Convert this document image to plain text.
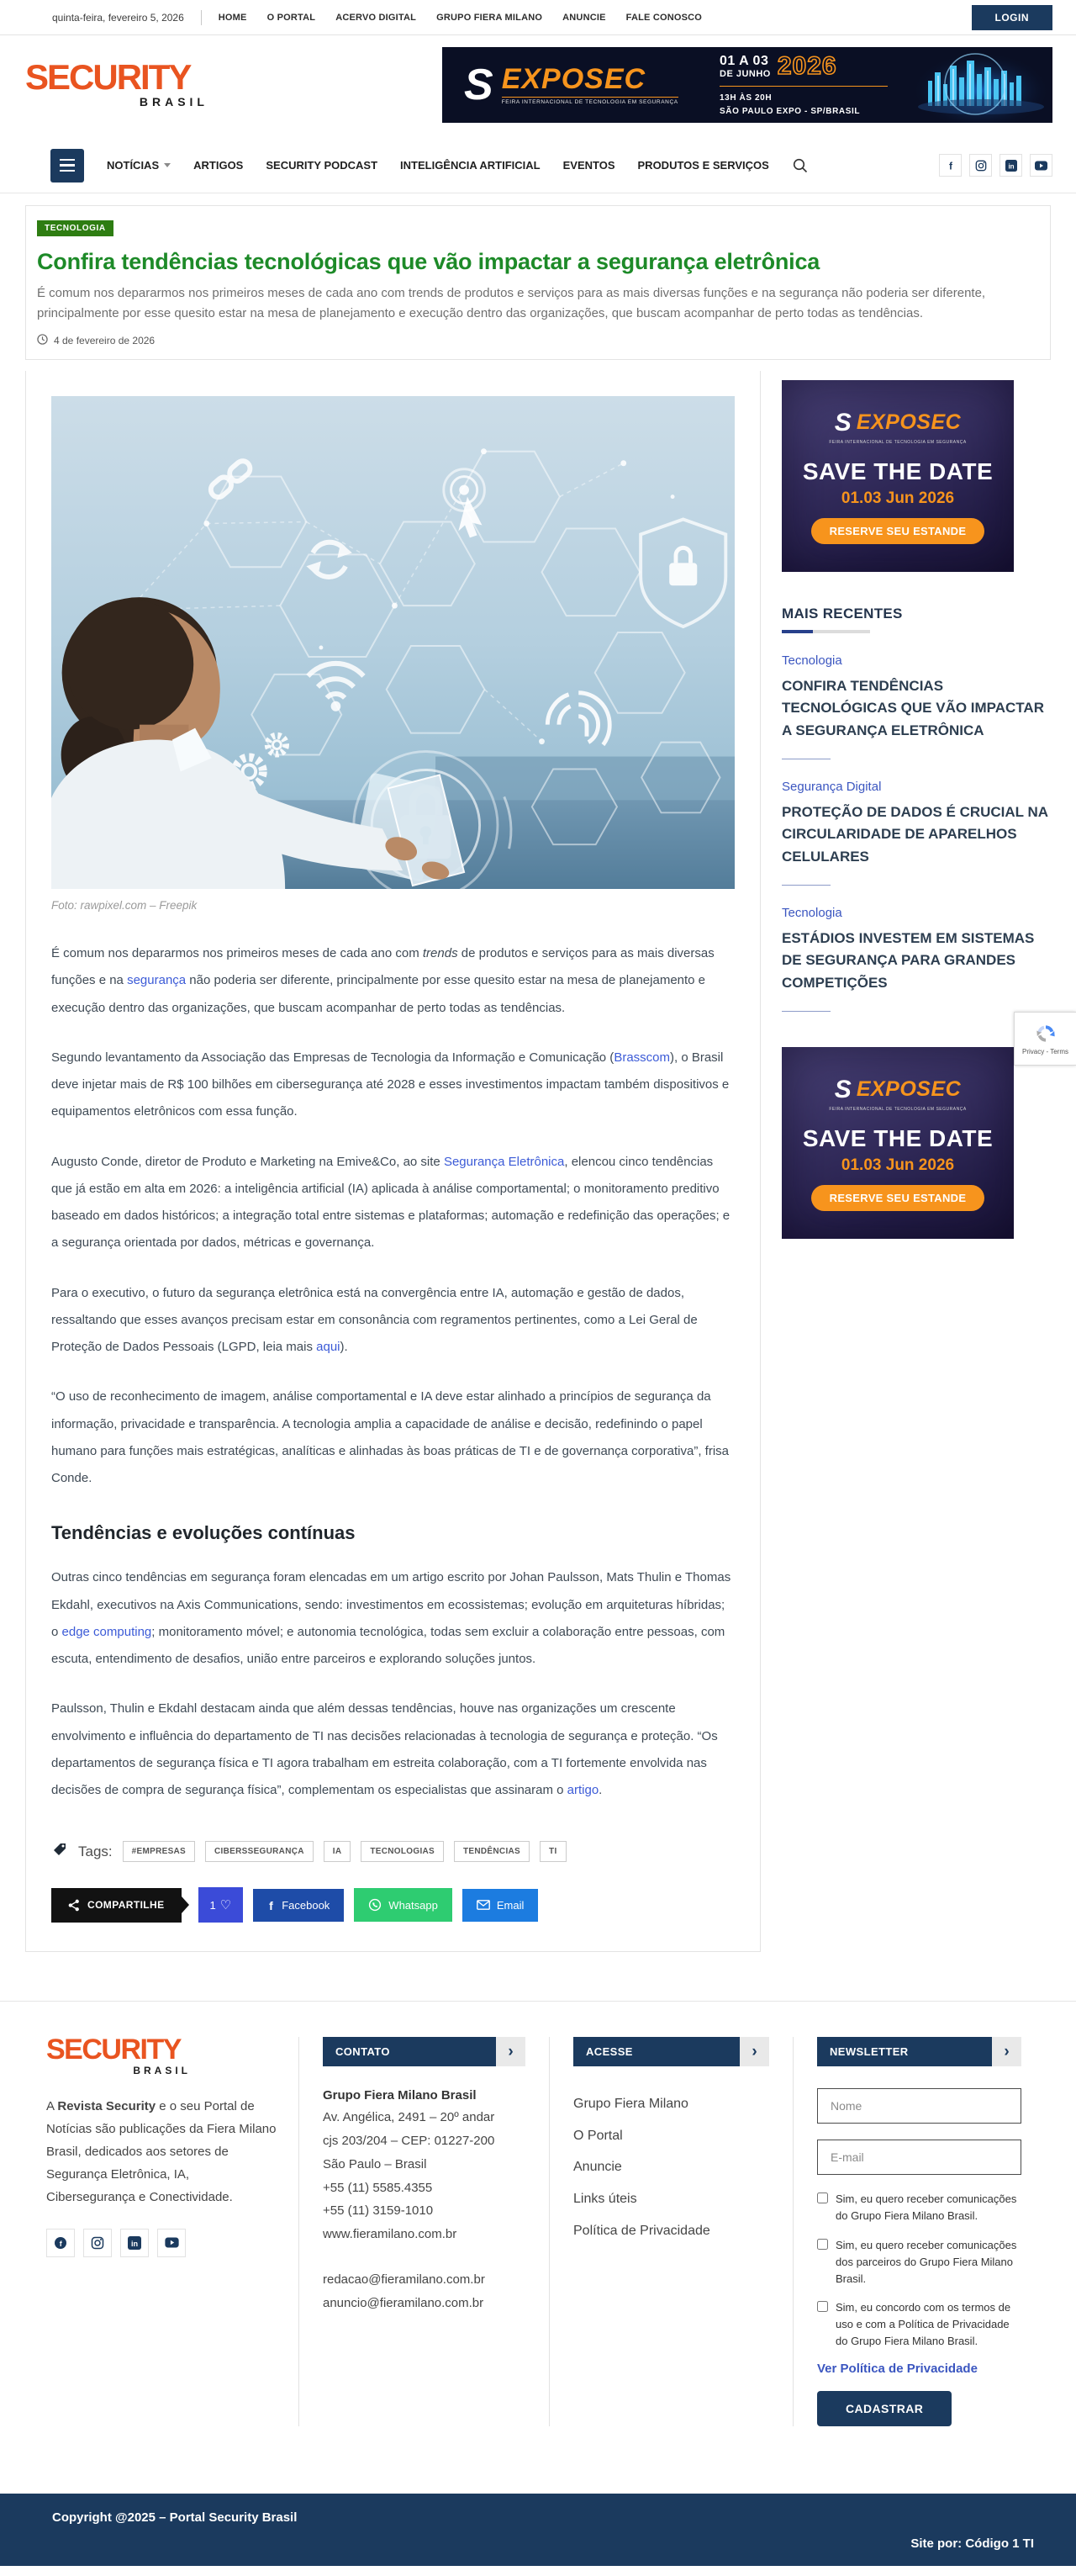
quinta-feira, fevereiro 5, 2026	HOME O PORTAL ACERVO DIGITAL GRUPO FIERA MILANO ANUNCIE FALE CONOSCO	LOGIN
SECURITY
BRASIL	S EXPOSEC
FEIRA INTERNACIONAL DE TECNOLOGIA EM SEGURANÇA
01 A 03
DE JUNHO 2026
13H ÀS 20H
SÃO PAULO EXPO - SP/BRASIL
NOTÍCIAS	ARTIGOS SECURITY PODCAST INTELIGÊNCIA ARTIFICIAL EVENTOS PRODUTOS E SERVIÇOS	f	in
TECNOLOGIA
Confira tendências tecnológicas que vão impactar a segurança eletrônica

É comum nos depararmos nos primeiros meses de cada ano com trends de produtos e serviços para as mais diversas funções e na segurança não poderia ser diferente, principalmente por esse quesito estar na mesa de planejamento e execução dentro das organizações, que buscam acompanhar de perto todas as tendências.

4 de fevereiro de 2026

Foto: rawpixel.com – Freepik

É comum nos depararmos nos primeiros meses de cada ano com trends de produtos e serviços para as mais diversas funções e na segurança não poderia ser diferente, principalmente por esse quesito estar na mesa de planejamento e execução dentro das organizações, que buscam acompanhar de perto todas as tendências.

Segundo levantamento da Associação das Empresas de Tecnologia da Informação e Comunicação (Brasscom), o Brasil deve injetar mais de R$ 100 bilhões em cibersegurança até 2028 e esses investimentos impactam também dispositivos e equipamentos eletrônicos com essa função.

Augusto Conde, diretor de Produto e Marketing na Emive&Co, ao site Segurança Eletrônica, elencou cinco tendências que já estão em alta em 2026: a inteligência artificial (IA) aplicada à análise comportamental; o monitoramento preditivo baseado em dados históricos; a integração total entre sistemas e plataformas; automação e redefinição das operações; e a segurança orientada por dados, métricas e governança.

Para o executivo, o futuro da segurança eletrônica está na convergência entre IA, automação e gestão de dados, ressaltando que esses avanços precisam estar em consonância com regramentos pertinentes, como a Lei Geral de Proteção de Dados Pessoais (LGPD, leia mais aqui).

“O uso de reconhecimento de imagem, análise comportamental e IA deve estar alinhado a princípios de segurança da informação, privacidade e transparência. A tecnologia amplia a capacidade de análise e decisão, redefinindo o papel humano para funções mais estratégicas, analíticas e alinhadas às boas práticas de TI e de governança corporativa”, frisa Conde.

Tendências e evoluções contínuas

Outras cinco tendências em segurança foram elencadas em um artigo escrito por Johan Paulsson, Mats Thulin e Thomas Ekdahl, executivos na Axis Communications, sendo: investimentos em ecossistemas; evolução em arquiteturas híbridas; o edge computing; monitoramento móvel; e autonomia tecnológica, todas sem excluir a colaboração entre pessoas, com escuta, entendimento de desafios, união entre parceiros e explorando soluções juntos.

Paulsson, Thulin e Ekdahl destacam ainda que além dessas tendências, houve nas organizações um crescente envolvimento e influência do departamento de TI nas decisões relacionadas à tecnologia de segurança e proteção. “Os departamentos de segurança física e TI agora trabalham em estreita colaboração, com a TI fortemente envolvida nas decisões de compra de segurança física”, complementam os especialistas que assinaram o artigo.

Tags:	#EMPRESAS	CIBERSSEGURANÇA	IA	TECNOLOGIAS	TENDÊNCIAS	TI
COMPARTILHE	1 ♡	f Facebook	Whatsapp	Email
S EXPOSEC
FEIRA INTERNACIONAL DE TECNOLOGIA EM SEGURANÇA
SAVE THE DATE
01.03 Jun 2026
RESERVE SEU ESTANDE
MAIS RECENTES
Tecnologia
CONFIRA TENDÊNCIAS TECNOLÓGICAS QUE VÃO IMPACTAR A SEGURANÇA ELETRÔNICA
Segurança Digital
PROTEÇÃO DE DADOS É CRUCIAL NA CIRCULARIDADE DE APARELHOS CELULARES
Tecnologia
ESTÁDIOS INVESTEM EM SISTEMAS DE SEGURANÇA PARA GRANDES COMPETIÇÕES
S EXPOSEC
FEIRA INTERNACIONAL DE TECNOLOGIA EM SEGURANÇA
SAVE THE DATE
01.03 Jun 2026
RESERVE SEU ESTANDE
Privacy - Terms
SECURITY
BRASIL

A Revista Security e o seu Portal de Notícias são publicações da Fiera Milano Brasil, dedicados aos setores de Segurança Eletrônica, IA, Cibersegurança e Conectividade.

f	in
CONTATO	›
Grupo Fiera Milano Brasil
Av. Angélica, 2491 – 20º andar
cjs 203/204 – CEP: 01227-200
São Paulo – Brasil
+55 (11) 5585.4355
+55 (11) 3159-1010
www.fieramilano.com.br
redacao@fieramilano.com.br
anuncio@fieramilano.com.br
ACESSE	›
Grupo Fiera Milano
O Portal
Anuncie
Links úteis
Política de Privacidade
NEWSLETTER	›
Nome E-mail
Sim, eu quero receber comunicações do Grupo Fiera Milano Brasil.
Sim, eu quero receber comunicações dos parceiros do Grupo Fiera Milano Brasil.
Sim, eu concordo com os termos de uso e com a Política de Privacidade do Grupo Fiera Milano Brasil.
Ver Política de Privacidade
CADASTRAR
Copyright @2025 – Portal Security Brasil
Site por: Código 1 TI
